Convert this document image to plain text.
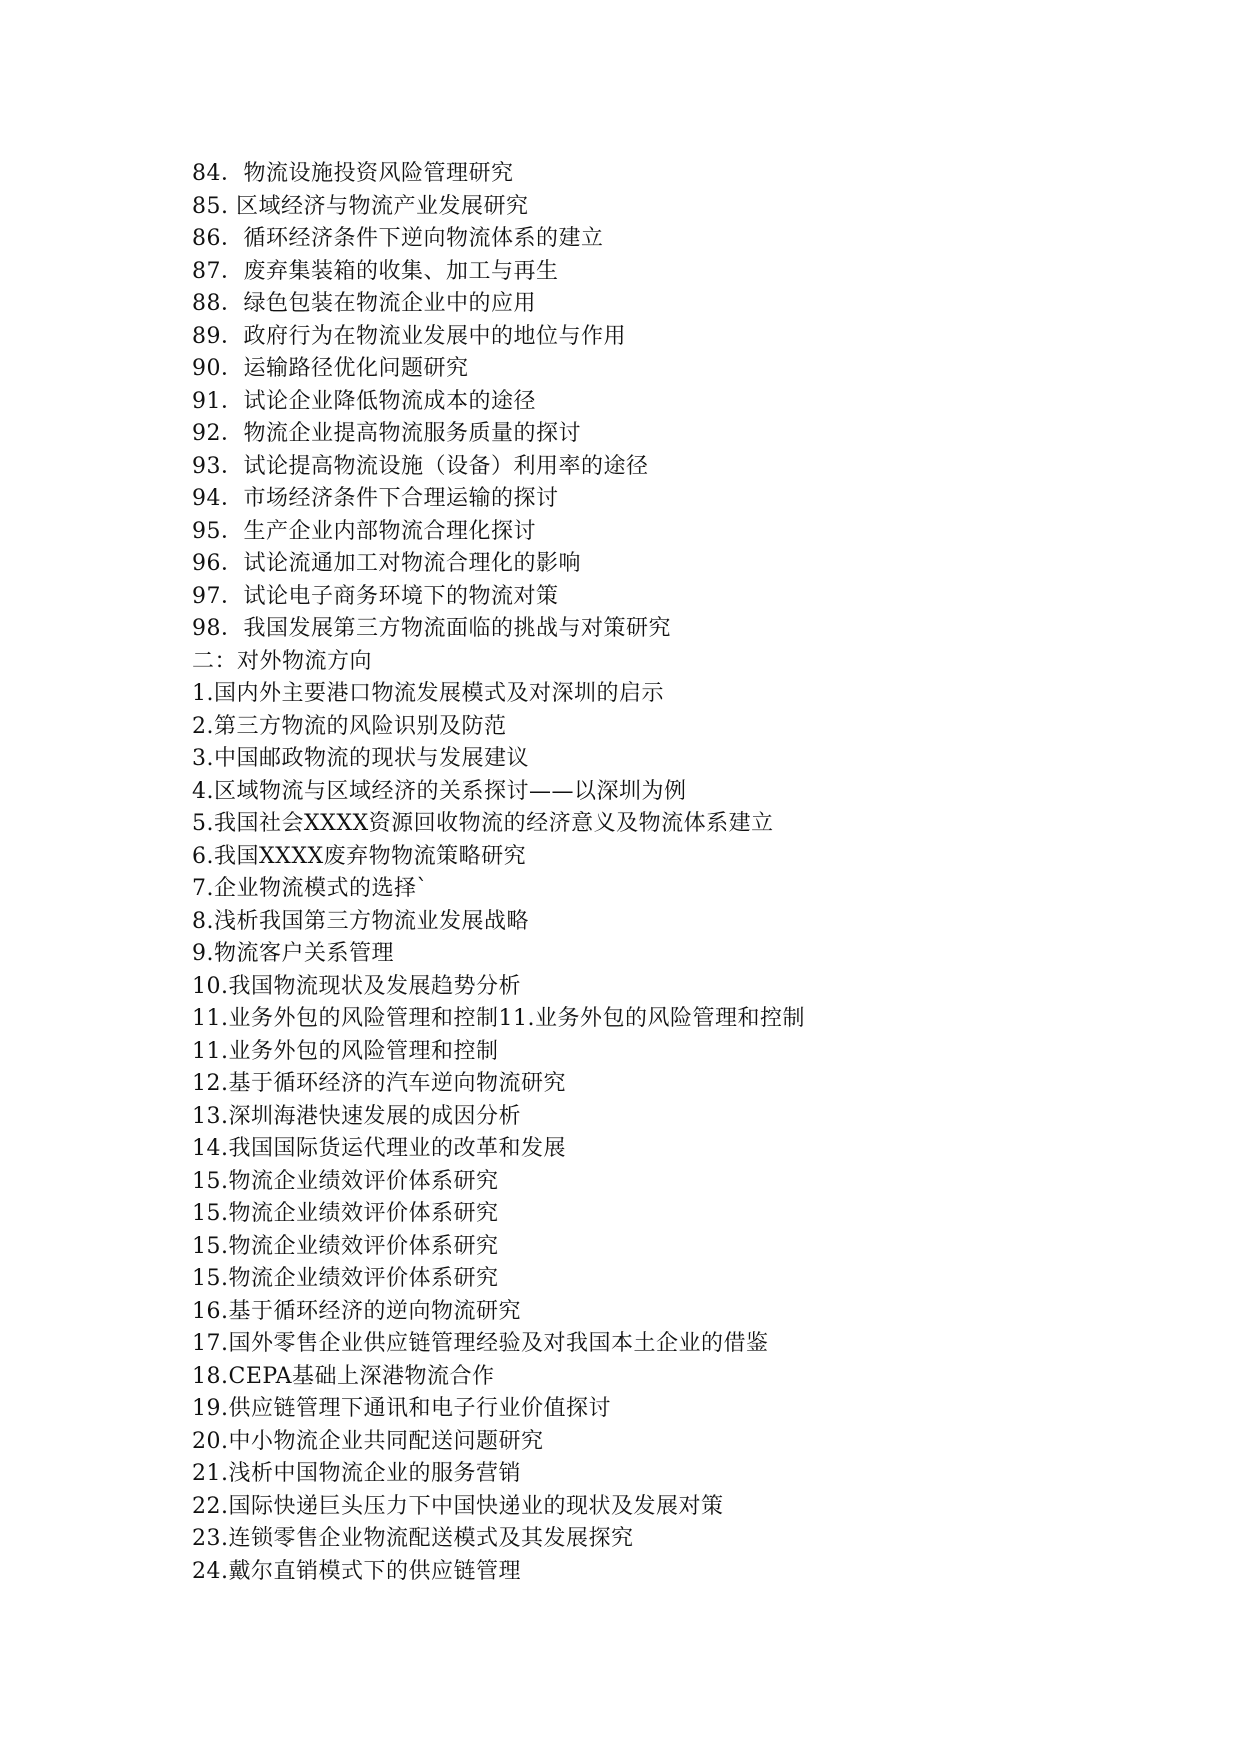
84．物流设施投资风险管理研究
85. 区域经济与物流产业发展研究
86．循环经济条件下逆向物流体系的建立
87．废弃集装箱的收集、加工与再生
88．绿色包装在物流企业中的应用
89．政府行为在物流业发展中的地位与作用
90．运输路径优化问题研究
91．试论企业降低物流成本的途径
92．物流企业提高物流服务质量的探讨
93．试论提高物流设施（设备）利用率的途径
94．市场经济条件下合理运输的探讨
95．生产企业内部物流合理化探讨
96．试论流通加工对物流合理化的影响
97．试论电子商务环境下的物流对策
98．我国发展第三方物流面临的挑战与对策研究
二：对外物流方向
1.国内外主要港口物流发展模式及对深圳的启示
2.第三方物流的风险识别及防范
3.中国邮政物流的现状与发展建议
4.区域物流与区域经济的关系探讨——以深圳为例
5.我国社会XXXX资源回收物流的经济意义及物流体系建立
6.我国XXXX废弃物物流策略研究
7.企业物流模式的选择`
8.浅析我国第三方物流业发展战略
9.物流客户关系管理
10.我国物流现状及发展趋势分析
11.业务外包的风险管理和控制11.业务外包的风险管理和控制
11.业务外包的风险管理和控制
12.基于循环经济的汽车逆向物流研究
13.深圳海港快速发展的成因分析
14.我国国际货运代理业的改革和发展
15.物流企业绩效评价体系研究
15.物流企业绩效评价体系研究
15.物流企业绩效评价体系研究
15.物流企业绩效评价体系研究
16.基于循环经济的逆向物流研究
17.国外零售企业供应链管理经验及对我国本土企业的借鉴
18.CEPA基础上深港物流合作
19.供应链管理下通讯和电子行业价值探讨
20.中小物流企业共同配送问题研究
21.浅析中国物流企业的服务营销
22.国际快递巨头压力下中国快递业的现状及发展对策
23.连锁零售企业物流配送模式及其发展探究
24.戴尔直销模式下的供应链管理
